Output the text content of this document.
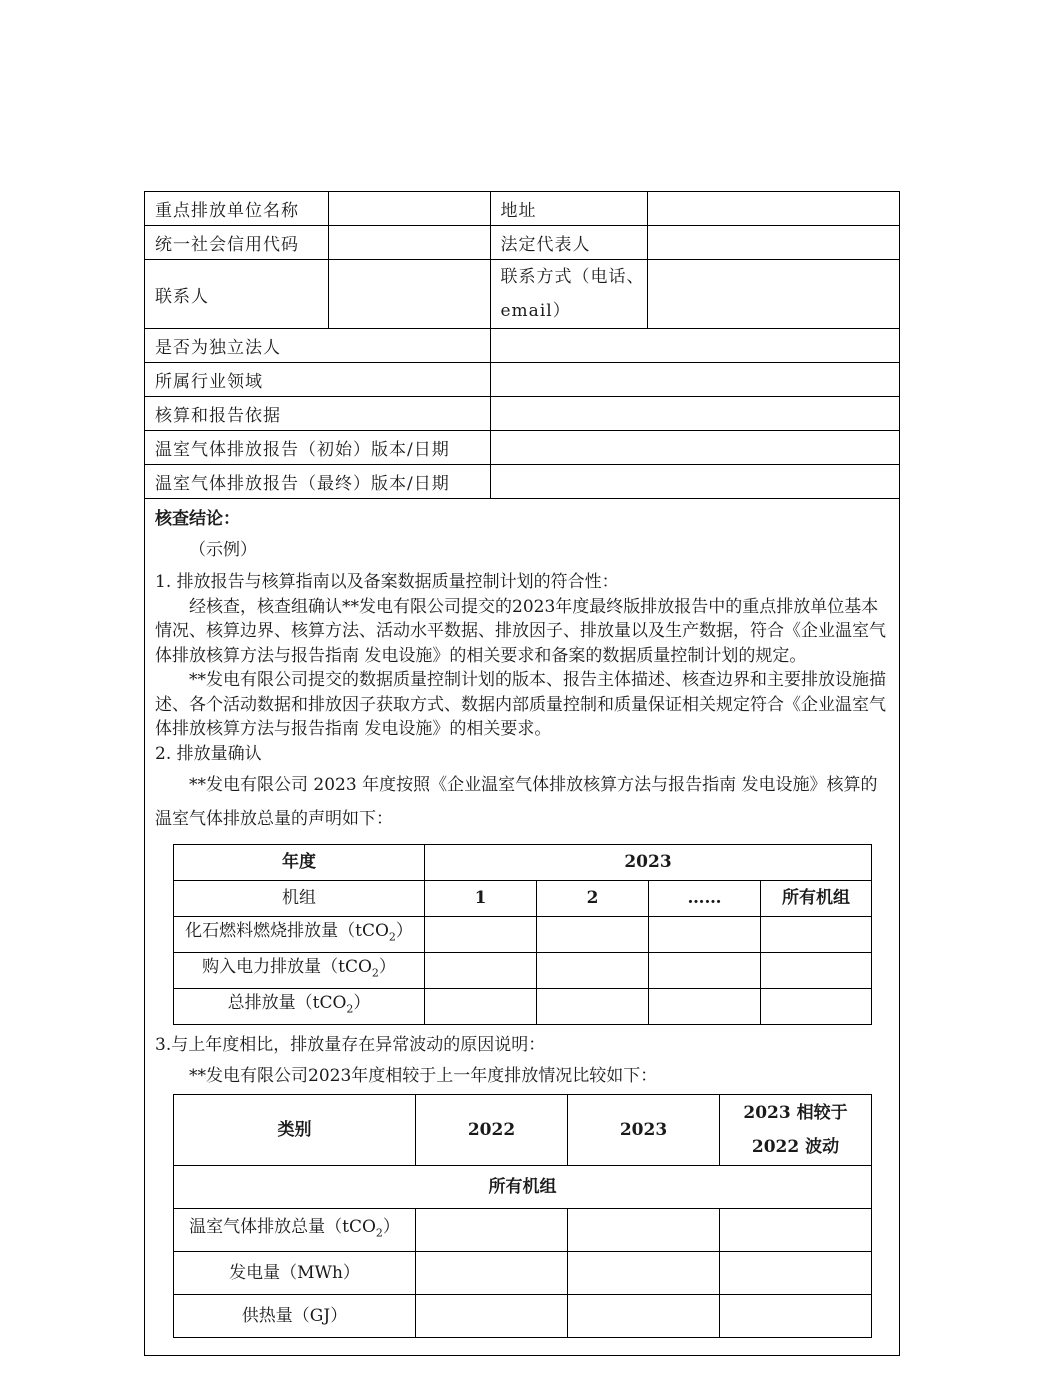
重点排放单位名称		地址	
统一社会信用代码		法定代表人	
联系人		联系方式（电话、
email）	
是否为独立法人			
所属行业领域			
核算和报告依据			
温室气体排放报告（初始）版本/日期			
温室气体排放报告（最终）版本/日期			

核查结论：

（示例）

1. 排放报告与核算指南以及备案数据质量控制计划的符合性：

经核查，核查组确认**发电有限公司提交的2023年度最终版排放报告中的重点排放单位基本情况、核算边界、核算方法、活动水平数据、排放因子、排放量以及生产数据，符合《企业温室气体排放核算方法与报告指南 发电设施》的相关要求和备案的数据质量控制计划的规定。

**发电有限公司提交的数据质量控制计划的版本、报告主体描述、核查边界和主要排放设施描述、各个活动数据和排放因子获取方式、数据内部质量控制和质量保证相关规定符合《企业温室气体排放核算方法与报告指南 发电设施》的相关要求。

2. 排放量确认

**发电有限公司 2023 年度按照《企业温室气体排放核算方法与报告指南 发电设施》核算的温室气体排放总量的声明如下：

年度	2023			
机组	1	2	……	所有机组
化石燃料燃烧排放量（tCO$_2$）				
购入电力排放量（tCO$_2$）				
总排放量（tCO$_2$）				

3.与上年度相比，排放量存在异常波动的原因说明：

**发电有限公司2023年度相较于上一年度排放情况比较如下：

类别	2022	2023	2023 相较于
2022 波动
所有机组			
温室气体排放总量（tCO$_2$）			
发电量（MWh）			
供热量（GJ）			
